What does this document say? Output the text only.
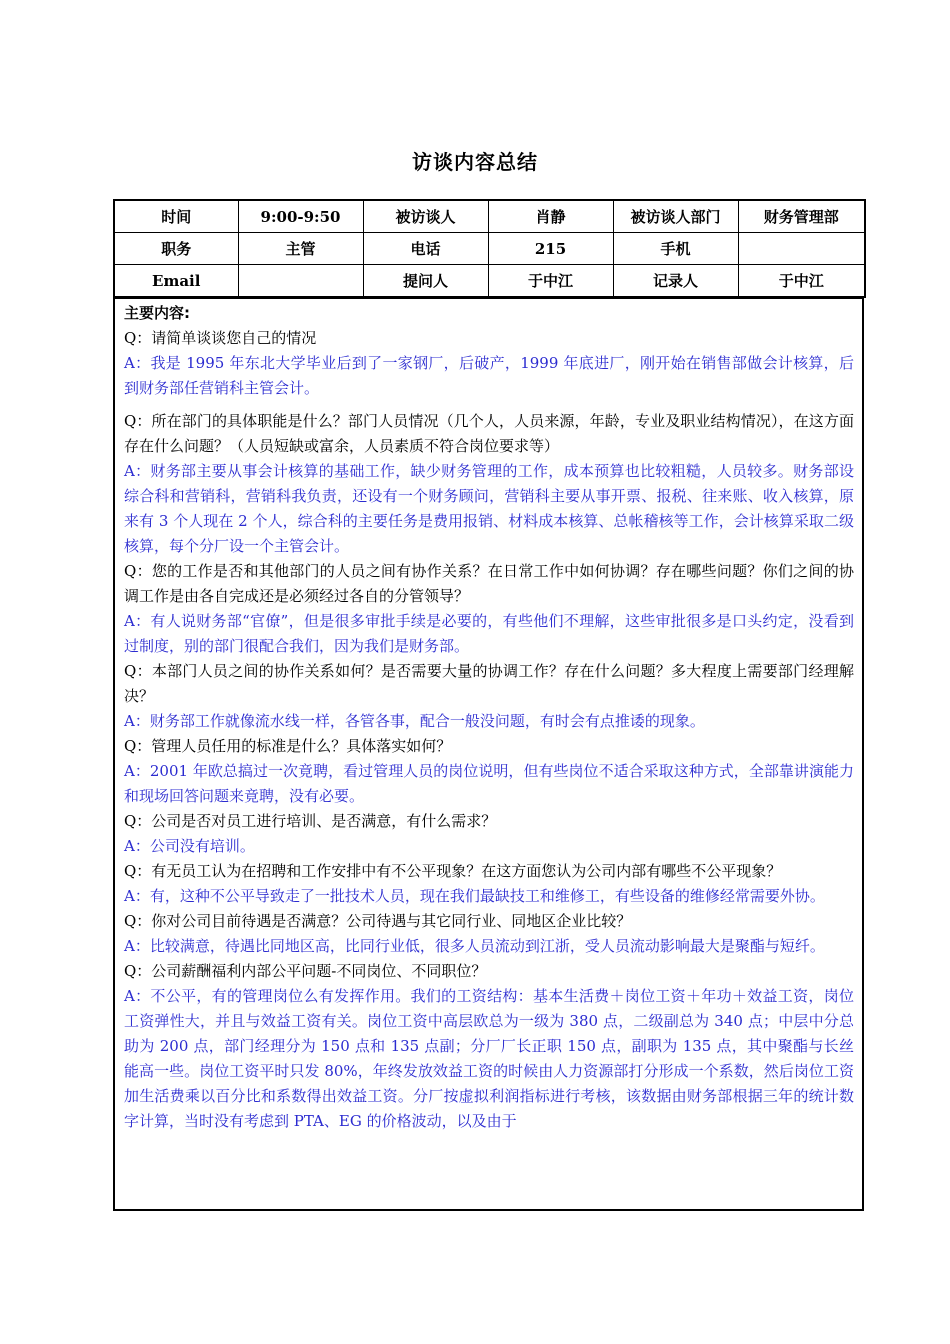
访谈内容总结
时间	9:00-9:50	被访谈人	肖静	被访谈人部门	财务管理部
职务	主管	电话	215	手机	
Email		提问人	于中江	记录人	于中江

主要内容:

Q：请简单谈谈您自己的情况

A：我是 1995 年东北大学毕业后到了一家钢厂，后破产，1999 年底进厂，刚开始在销售部做会计核算，后到财务部任营销科主管会计。

Q：所在部门的具体职能是什么？部门人员情况（几个人，人员来源，年龄，专业及职业结构情况），在这方面存在什么问题？（人员短缺或富余，人员素质不符合岗位要求等）

A：财务部主要从事会计核算的基础工作，缺少财务管理的工作，成本预算也比较粗糙，人员较多。财务部设综合科和营销科，营销科我负责，还设有一个财务顾问，营销科主要从事开票、报税、往来账、收入核算，原来有 3 个人现在 2 个人，综合科的主要任务是费用报销、材料成本核算、总帐稽核等工作，会计核算采取二级核算，每个分厂设一个主管会计。

Q：您的工作是否和其他部门的人员之间有协作关系？在日常工作中如何协调？存在哪些问题？你们之间的协调工作是由各自完成还是必须经过各自的分管领导？

A：有人说财务部“官僚”，但是很多审批手续是必要的，有些他们不理解，这些审批很多是口头约定，没看到过制度，别的部门很配合我们，因为我们是财务部。

Q：本部门人员之间的协作关系如何？是否需要大量的协调工作？存在什么问题？多大程度上需要部门经理解决？

A：财务部工作就像流水线一样，各管各事，配合一般没问题，有时会有点推诿的现象。

Q：管理人员任用的标准是什么？具体落实如何？

A：2001 年欧总搞过一次竟聘，看过管理人员的岗位说明，但有些岗位不适合采取这种方式，全部靠讲演能力和现场回答问题来竟聘，没有必要。

Q：公司是否对员工进行培训、是否满意，有什么需求？

A：公司没有培训。

Q：有无员工认为在招聘和工作安排中有不公平现象？在这方面您认为公司内部有哪些不公平现象？

A：有，这种不公平导致走了一批技术人员，现在我们最缺技工和维修工，有些设备的维修经常需要外协。

Q：你对公司目前待遇是否满意？公司待遇与其它同行业、同地区企业比较？

A：比较满意，待遇比同地区高，比同行业低，很多人员流动到江浙，受人员流动影响最大是聚酯与短纤。

Q：公司薪酬福利内部公平问题-不同岗位、不同职位？

A：不公平，有的管理岗位么有发挥作用。我们的工资结构：基本生活费＋岗位工资＋年功＋效益工资，岗位工资弹性大，并且与效益工资有关。岗位工资中高层欧总为一级为 380 点，二级副总为 340 点；中层中分总助为 200 点，部门经理分为 150 点和 135 点副；分厂厂长正职 150 点，副职为 135 点，其中聚酯与长丝能高一些。岗位工资平时只发 80%，年终发放效益工资的时候由人力资源部打分形成一个系数，然后岗位工资加生活费乘以百分比和系数得出效益工资。分厂按虚拟利润指标进行考核，该数据由财务部根据三年的统计数字计算，当时没有考虑到 PTA、EG 的价格波动，以及由于
